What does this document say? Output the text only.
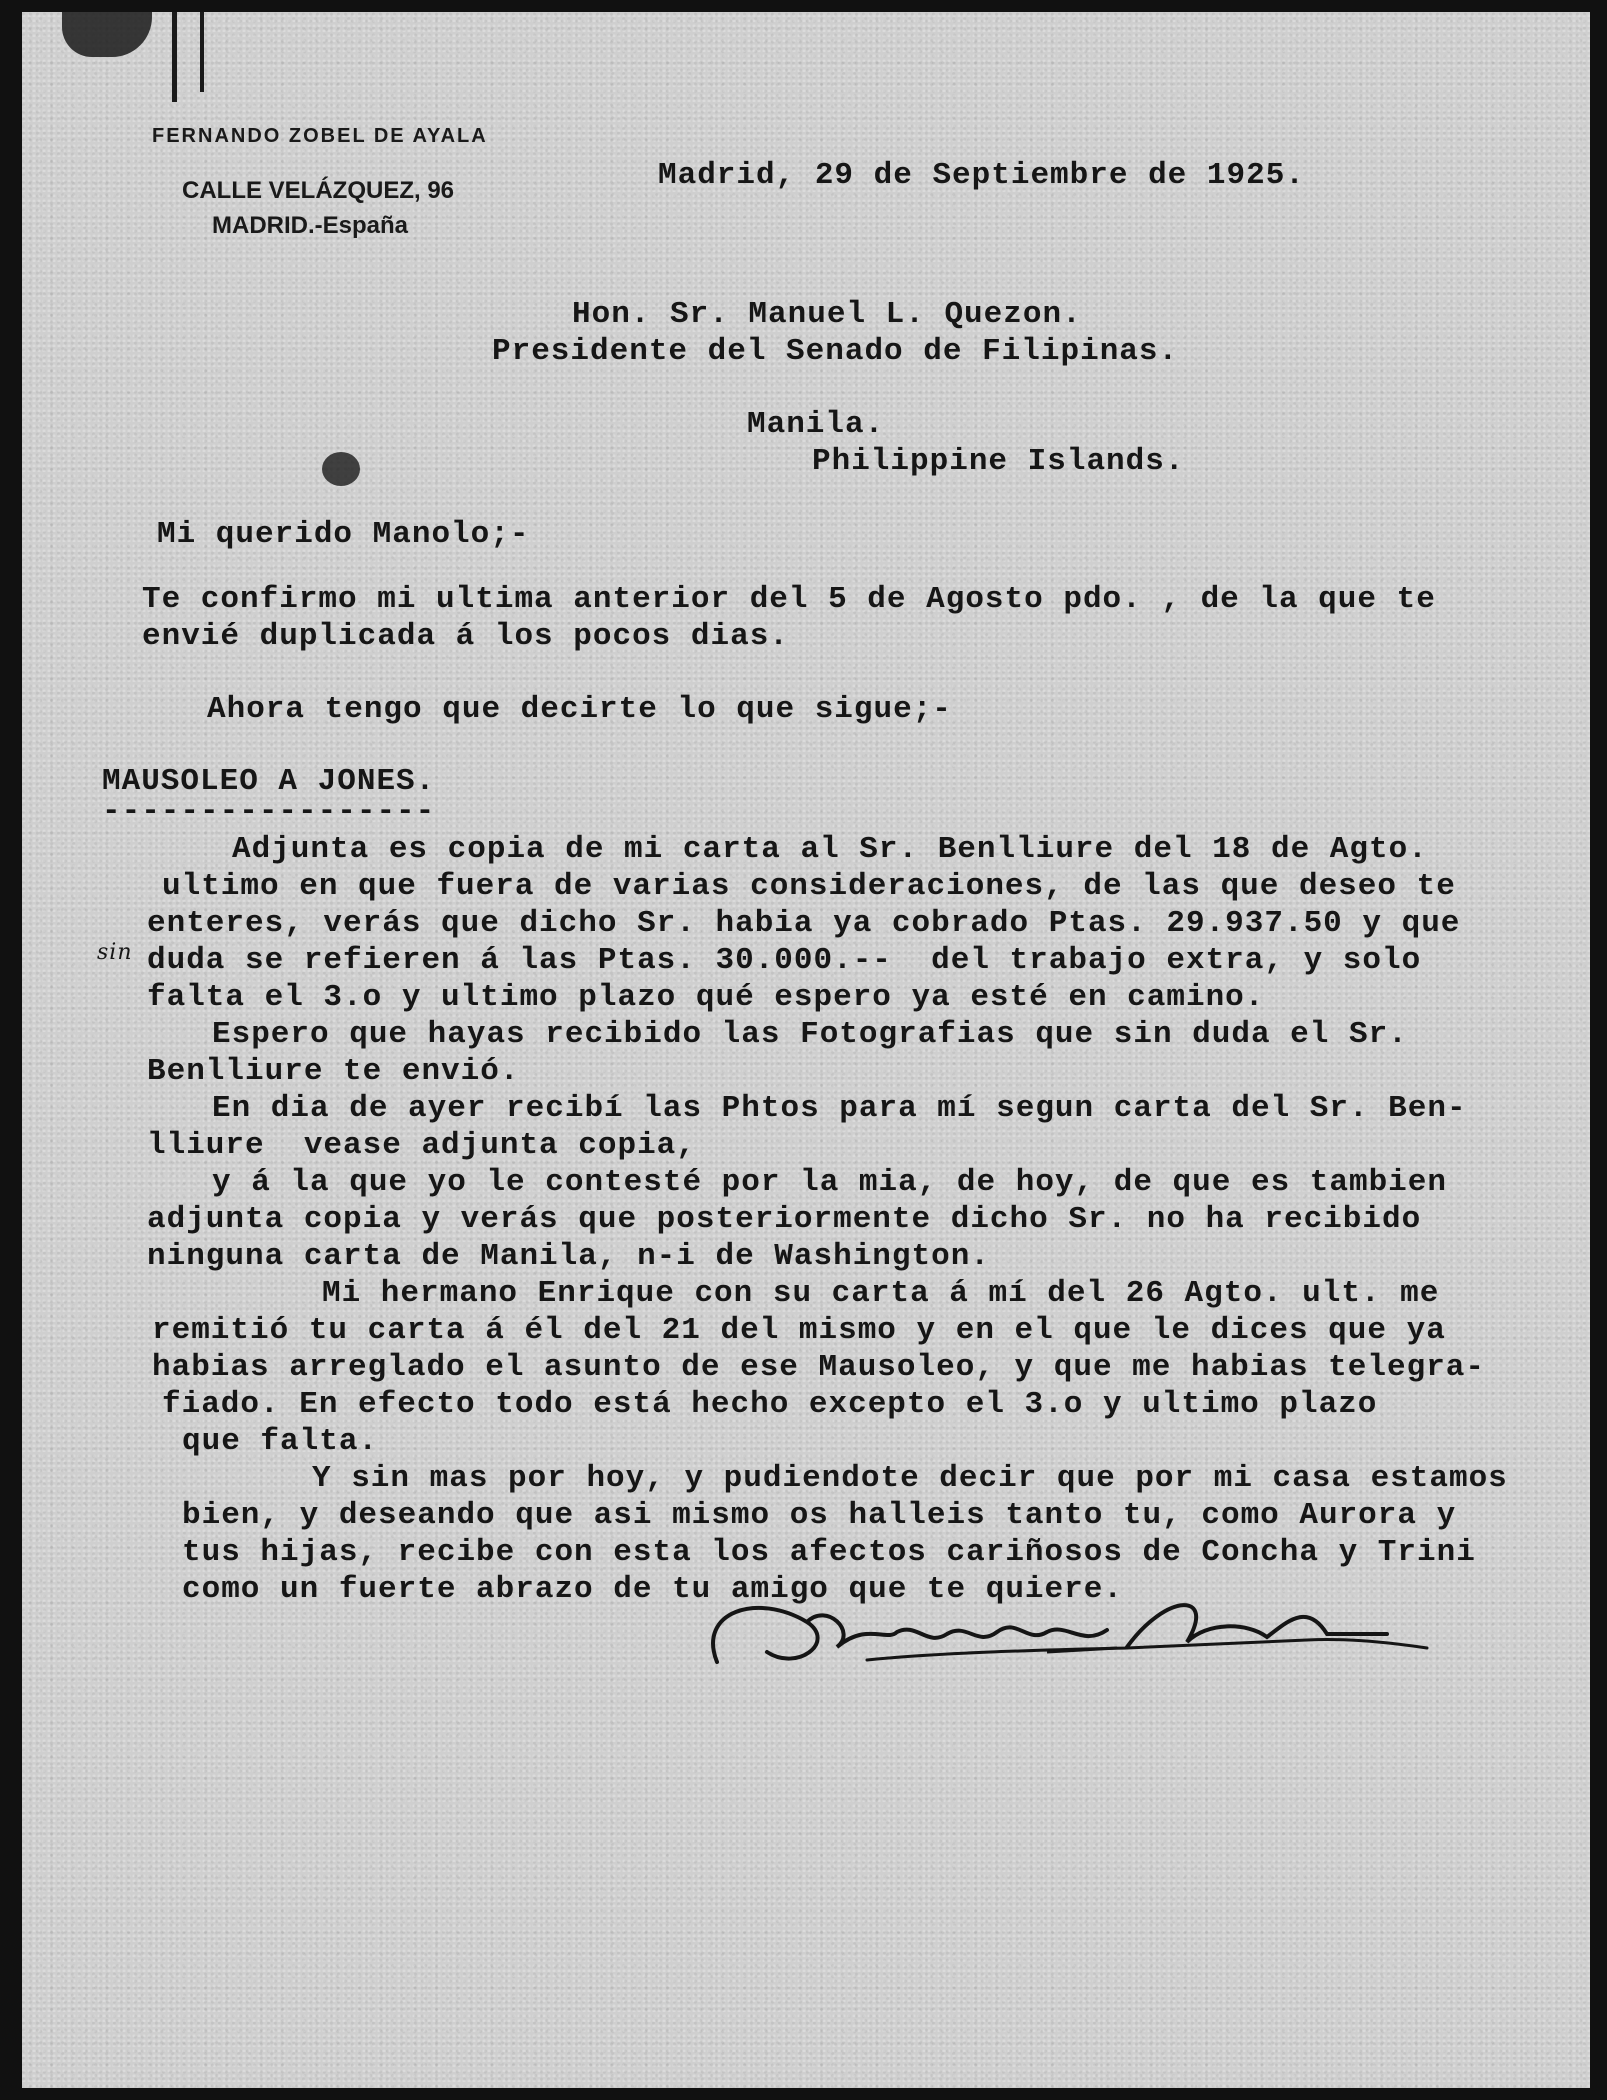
FERNANDO ZOBEL DE AYALA

CALLE VELÁZQUEZ, 96

MADRID.-España

Madrid, 29 de Septiembre de 1925.

Hon. Sr. Manuel L. Quezon.

Presidente del Senado de Filipinas.

Manila.

Philippine Islands.

Mi querido Manolo;-

Te confirmo mi ultima anterior del 5 de Agosto pdo. , de la que te

envié duplicada á los pocos dias.

Ahora tengo que decirte lo que sigue;-

MAUSOLEO A JONES.

-----------------

Adjunta es copia de mi carta al Sr. Benlliure del 18 de Agto.

ultimo en que fuera de varias consideraciones, de las que deseo te

enteres, verás que dicho Sr. habia ya cobrado Ptas. 29.937.50 y que

sin duda se refieren á las Ptas. 30.000.--  del trabajo extra, y solo

falta el 3.o y ultimo plazo qué espero ya esté en camino.

Espero que hayas recibido las Fotografias que sin duda el Sr.

Benlliure te envió.

En dia de ayer recibí las Phtos para mí segun carta del Sr. Ben-

lliure  vease adjunta copia,

y á la que yo le contesté por la mia, de hoy, de que es tambien

adjunta copia y verás que posteriormente dicho Sr. no ha recibido

ninguna carta de Manila, n-i de Washington.

Mi hermano Enrique con su carta á mí del 26 Agto. ult. me

remitió tu carta á él del 21 del mismo y en el que le dices que ya

habias arreglado el asunto de ese Mausoleo, y que me habias telegra-

fiado. En efecto todo está hecho excepto el 3.o y ultimo plazo

que falta.

Y sin mas por hoy, y pudiendote decir que por mi casa estamos

bien, y deseando que asi mismo os halleis tanto tu, como Aurora y

tus hijas, recibe con esta los afectos cariñosos de Concha y Trini

como un fuerte abrazo de tu amigo que te quiere.
